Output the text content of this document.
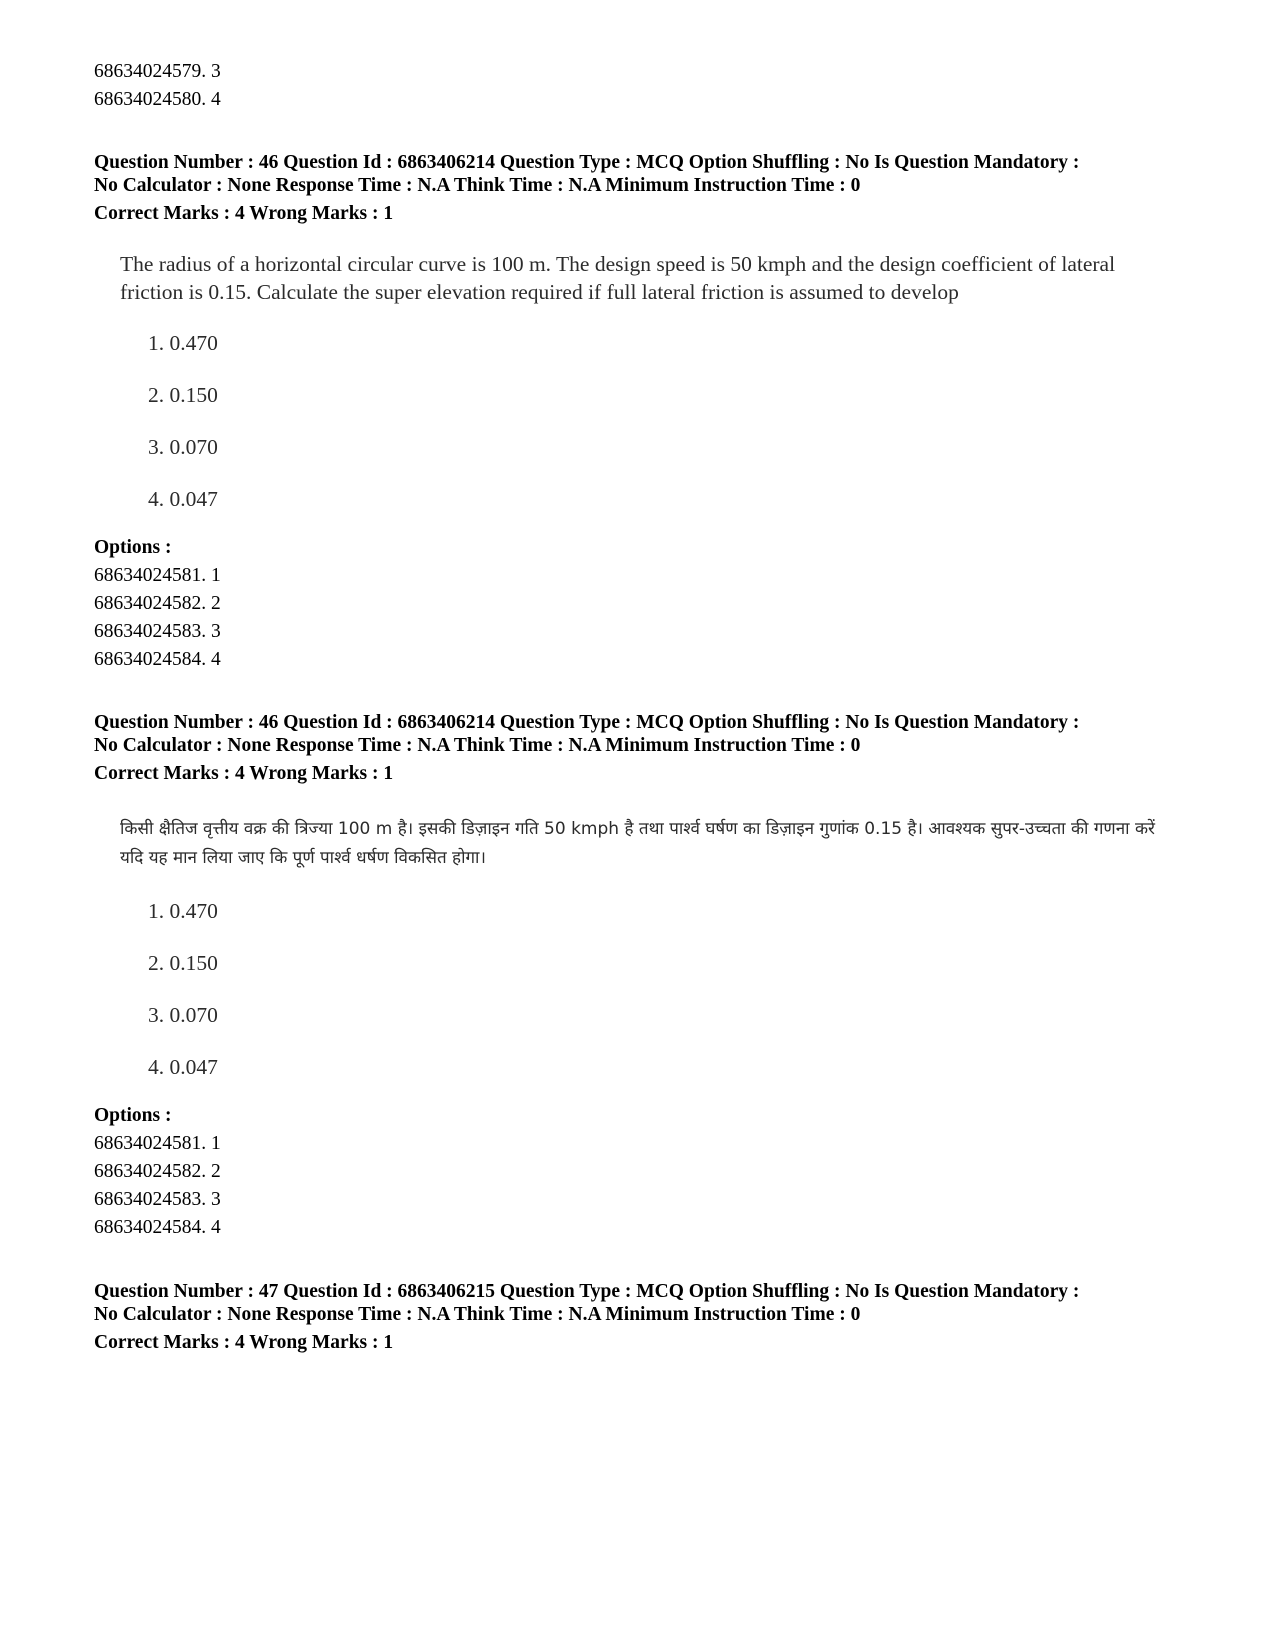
68634024579. 3
68634024580. 4
Question Number : 46 Question Id : 6863406214 Question Type : MCQ Option Shuffling : No Is Question Mandatory :
No Calculator : None Response Time : N.A Think Time : N.A Minimum Instruction Time : 0
Correct Marks : 4 Wrong Marks : 1
The radius of a horizontal circular curve is 100 m. The design speed is 50 kmph and the design coefficient of lateral friction is 0.15. Calculate the super elevation required if full lateral friction is assumed to develop
1. 0.470
2. 0.150
3. 0.070
4. 0.047
Options :
68634024581. 1
68634024582. 2
68634024583. 3
68634024584. 4
Question Number : 46 Question Id : 6863406214 Question Type : MCQ Option Shuffling : No Is Question Mandatory :
No Calculator : None Response Time : N.A Think Time : N.A Minimum Instruction Time : 0
Correct Marks : 4 Wrong Marks : 1
किसी क्षैतिज वृत्तीय वक्र की त्रिज्या 100 m है। इसकी डिज़ाइन गति 50 kmph है तथा पार्श्व घर्षण का डिज़ाइन गुणांक 0.15 है। आवश्यक सुपर-उच्चता की गणना करें यदि यह मान लिया जाए कि पूर्ण पार्श्व धर्षण विकसित होगा।
1. 0.470
2. 0.150
3. 0.070
4. 0.047
Options :
68634024581. 1
68634024582. 2
68634024583. 3
68634024584. 4
Question Number : 47 Question Id : 6863406215 Question Type : MCQ Option Shuffling : No Is Question Mandatory :
No Calculator : None Response Time : N.A Think Time : N.A Minimum Instruction Time : 0
Correct Marks : 4 Wrong Marks : 1
